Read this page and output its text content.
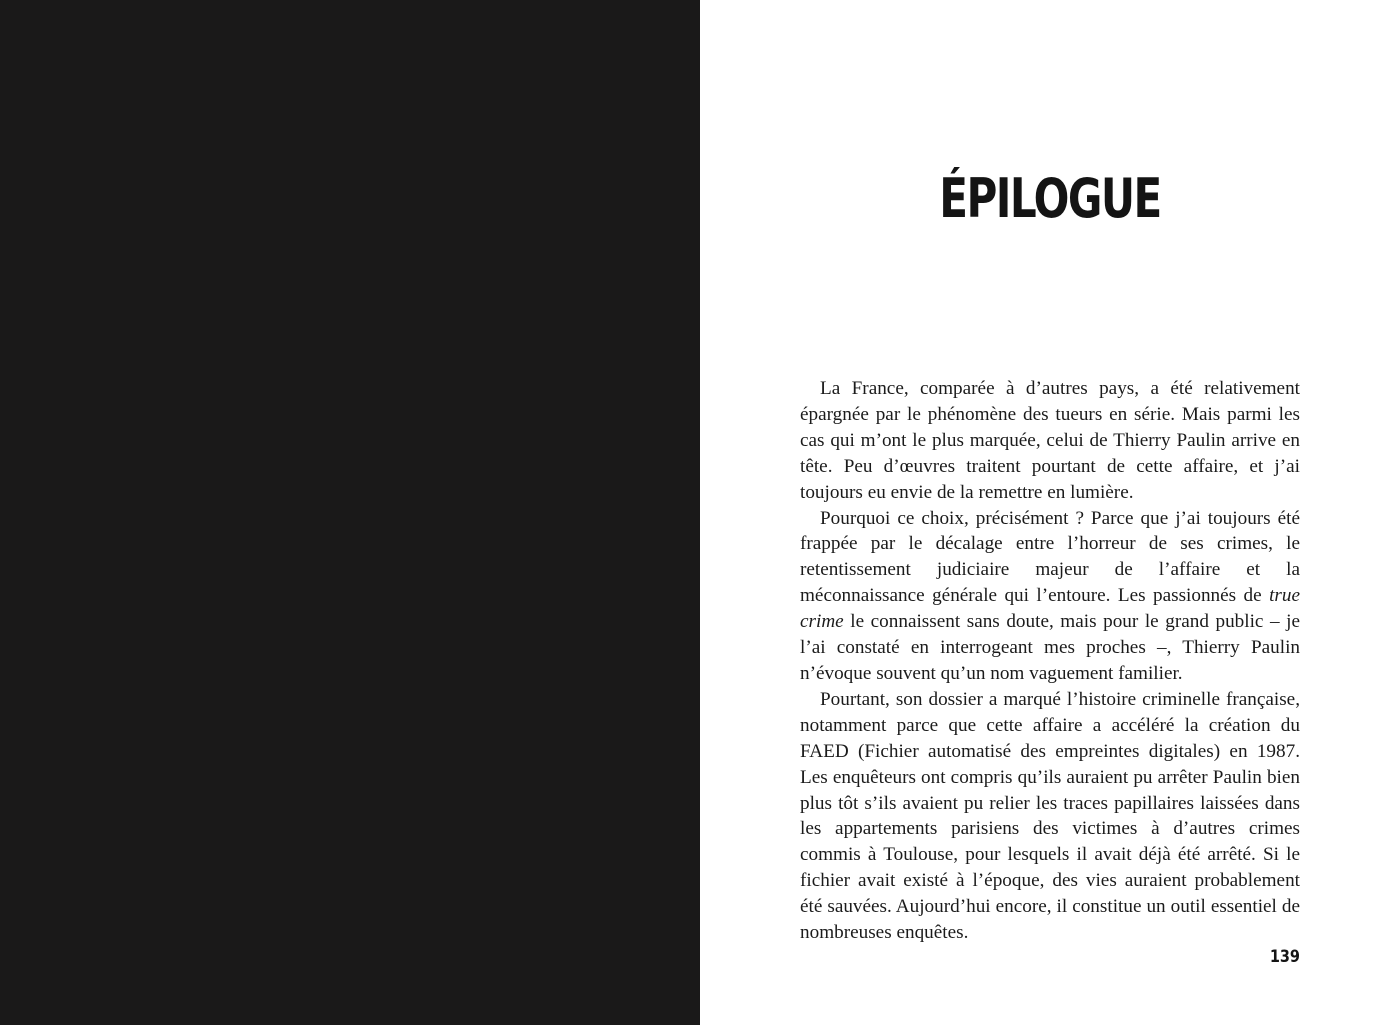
ÉPILOGUE

La France, comparée à d’autres pays, a été relativement épargnée par le phénomène des tueurs en série. Mais parmi les cas qui m’ont le plus marquée, celui de Thierry Paulin arrive en tête. Peu d’œuvres traitent pourtant de cette affaire, et j’ai toujours eu envie de la remettre en lumière.

Pourquoi ce choix, précisément ? Parce que j’ai toujours été frappée par le décalage entre l’horreur de ses crimes, le retentissement judiciaire majeur de l’affaire et la méconnaissance générale qui l’entoure. Les passionnés de true crime le connaissent sans doute, mais pour le grand public – je l’ai constaté en interrogeant mes proches –, Thierry Paulin n’évoque souvent qu’un nom vaguement familier.

Pourtant, son dossier a marqué l’histoire criminelle française, notamment parce que cette affaire a accéléré la création du FAED (Fichier automatisé des empreintes digitales) en 1987. Les enquêteurs ont compris qu’ils auraient pu arrêter Paulin bien plus tôt s’ils avaient pu relier les traces papillaires laissées dans les appartements parisiens des victimes à d’autres crimes commis à Toulouse, pour lesquels il avait déjà été arrêté. Si le fichier avait existé à l’époque, des vies auraient probablement été sauvées. Aujourd’hui encore, il constitue un outil essentiel de nombreuses enquêtes.

139
